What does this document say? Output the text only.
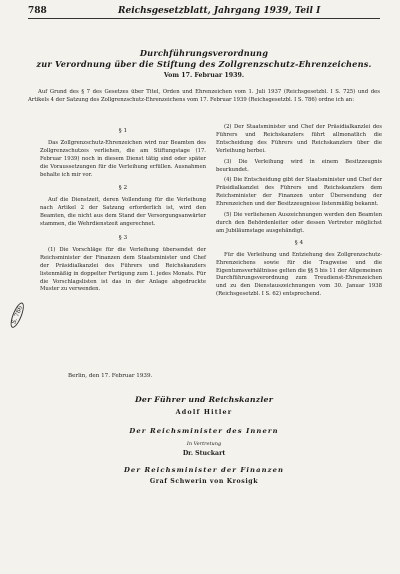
788	Reichsgesetzblatt, Jahrgang 1939, Teil I
Durchführungsverordnung
zur Verordnung über die Stiftung des Zollgrenzschutz-Ehrenzeichens.
Vom 17. Februar 1939.
Auf Grund des § 7 des Gesetzes über Titel, Orden und Ehrenzeichen vom 1. Juli 1937 (Reichsgesetzbl. I S. 725) und des Artikels 4 der Satzung des Zollgrenzschutz-Ehrenzeichens vom 17. Februar 1939 (Reichsgesetzbl. I S. 786) ordne ich an:
§ 1
Das Zollgrenzschutz-Ehrenzeichen wird nur Beamten des Zollgrenzschutzes verliehen, die am Stiftungstage (17. Februar 1939) noch in diesem Dienst tätig sind oder später die Voraussetzungen für die Verleihung erfüllen. Ausnahmen behalte ich mir vor.
§ 2
Auf die Dienstzeit, deren Vollendung für die Verleihung nach Artikel 2 der Satzung erforderlich ist, wird den Beamten, die nicht aus dem Stand der Versorgungsanwärter stammen, die Wehrdienstzeit angerechnet.
§ 3
(1) Die Vorschläge für die Verleihung übersendet der Reichsminister der Finanzen dem Staatsminister und Chef der Präsidialkanzlei des Führers und Reichskanzlers listenmäßig in doppelter Fertigung zum 1. jedes Monats. Für die Vorschlagslisten ist das in der Anlage abgedruckte Muster zu verwenden.
(2) Der Staatsminister und Chef der Präsidialkanzlei des Führers und Reichskanzlers führt allmonatlich die Entscheidung des Führers und Reichskanzlers über die Verleihung herbei.
(3) Die Verleihung wird in einem Besitzzeugnis beurkundet.
(4) Die Entscheidung gibt der Staatsminister und Chef der Präsidialkanzlei des Führers und Reichskanzlers dem Reichsminister der Finanzen unter Übersendung der Ehrenzeichen und der Besitzzeugnisse listenmäßig bekannt.
(5) Die verliehenen Auszeichnungen werden den Beamten durch den Behördenleiter oder dessen Vertreter möglichst am Jubiläumstage ausgehändigt.
§ 4
Für die Verleihung und Entziehung des Zollgrenzschutz-Ehrenzeichens sowie für die Tragweise und die Eigentumsverhältnisse gelten die §§ 5 bis 11 der Allgemeinen Durchführungsverordnung zum Treudienst-Ehrenzeichen und zu den Dienstauszeichnungen vom 30. Januar 1938 (Reichsgesetzbl. I S. 62) entsprechend.
S. 786
Berlin, den 17. Februar 1939.
Der Führer und Reichskanzler
Adolf Hitler
Der Reichsminister des Innern
In Vertretung
Dr. Stuckart
Der Reichsminister der Finanzen
Graf Schwerin von Krosigk
